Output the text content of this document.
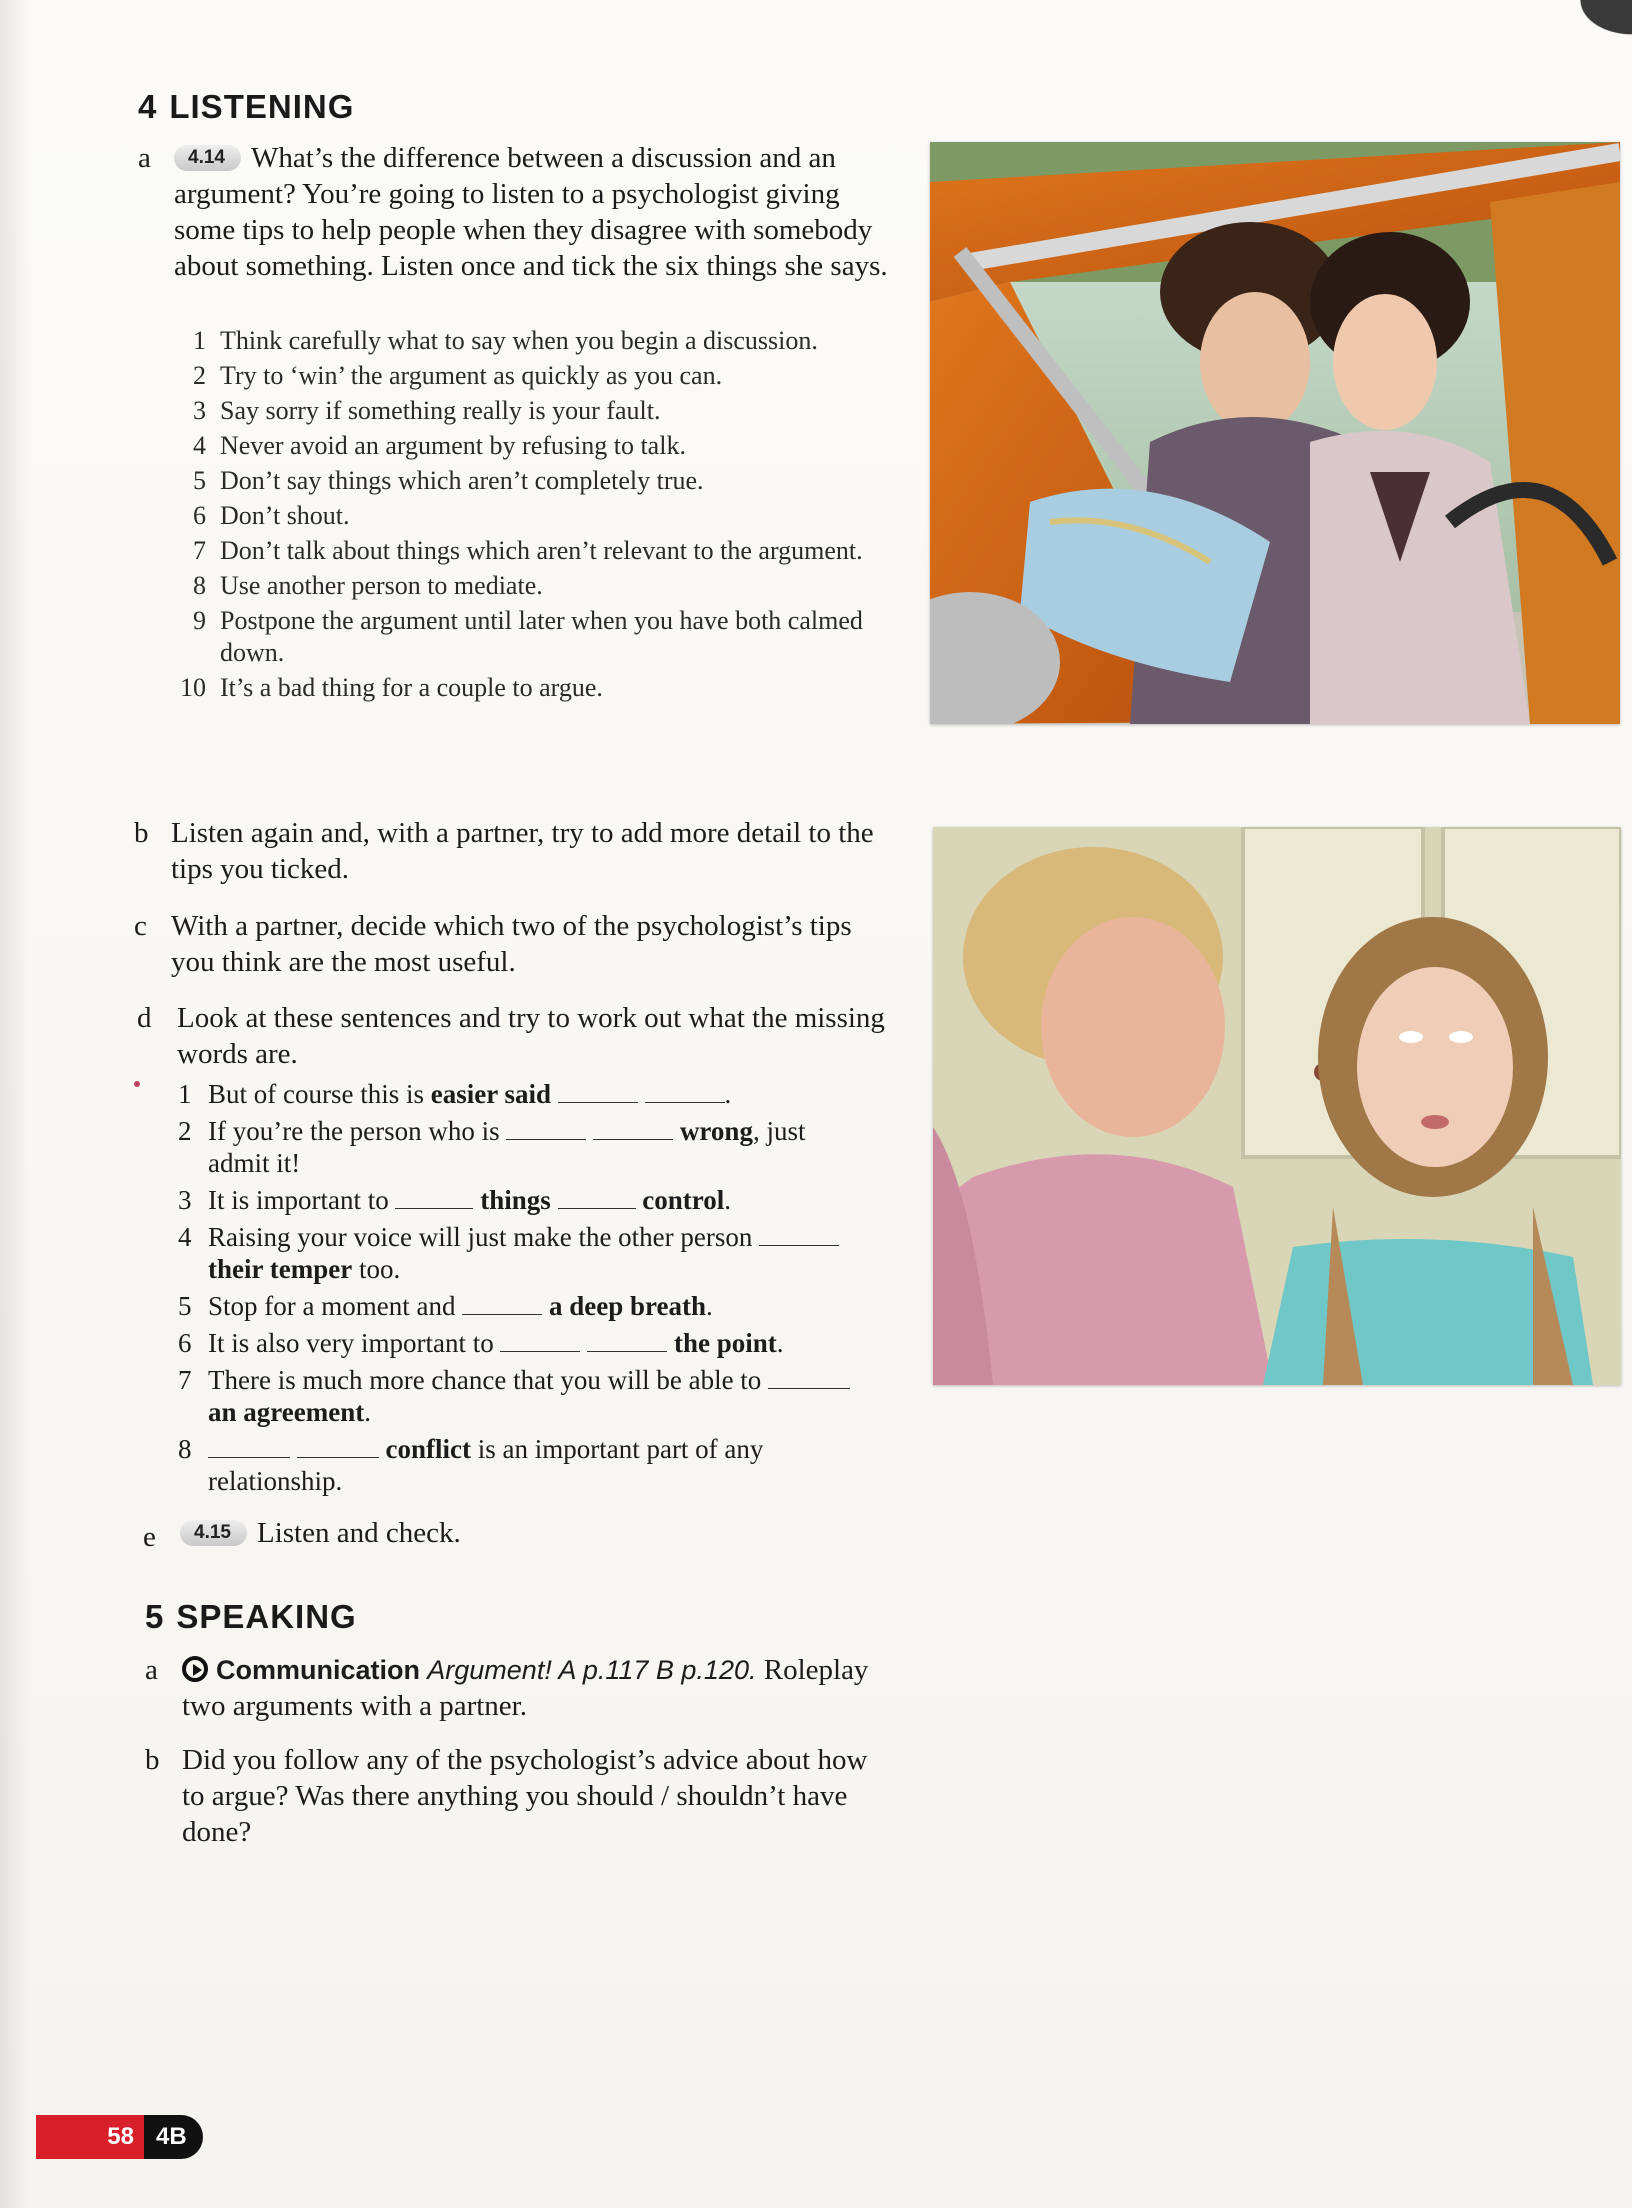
4 LISTENING
a	4.14 What’s the difference between a discussion and an argument? You’re going to listen to a psychologist giving some tips to help people when they disagree with somebody about something. Listen once and tick the six things she says.
1 Think carefully what to say when you begin a discussion.
2 Try to ‘win’ the argument as quickly as you can.
3 Say sorry if something really is your fault.
4 Never avoid an argument by refusing to talk.
5 Don’t say things which aren’t completely true.
6 Don’t shout.
7 Don’t talk about things which aren’t relevant to the argument.
8 Use another person to mediate.
9 Postpone the argument until later when you have both calmed down.
10 It’s a bad thing for a couple to argue.
b Listen again and, with a partner, try to add more detail to the tips you ticked.
c With a partner, decide which two of the psychologist’s tips you think are the most useful.
d Look at these sentences and try to work out what the missing words are.
1 But of course this is easier said	.
2 If you’re the person who is	wrong, just admit it!
3 It is important to	things	control.
4 Raising your voice will just make the other person  their temper too.
5 Stop for a moment and	a deep breath.
6 It is also very important to	the point.
7 There is much more chance that you will be able to  an agreement.
8	conflict is an important part of any relationship.
e	4.15 Listen and check.
5 SPEAKING
a	Communication Argument! A p.117 B p.120. Roleplay two arguments with a partner.
b Did you follow any of the psychologist’s advice about how to argue? Was there anything you should / shouldn’t have done?
58 4B
